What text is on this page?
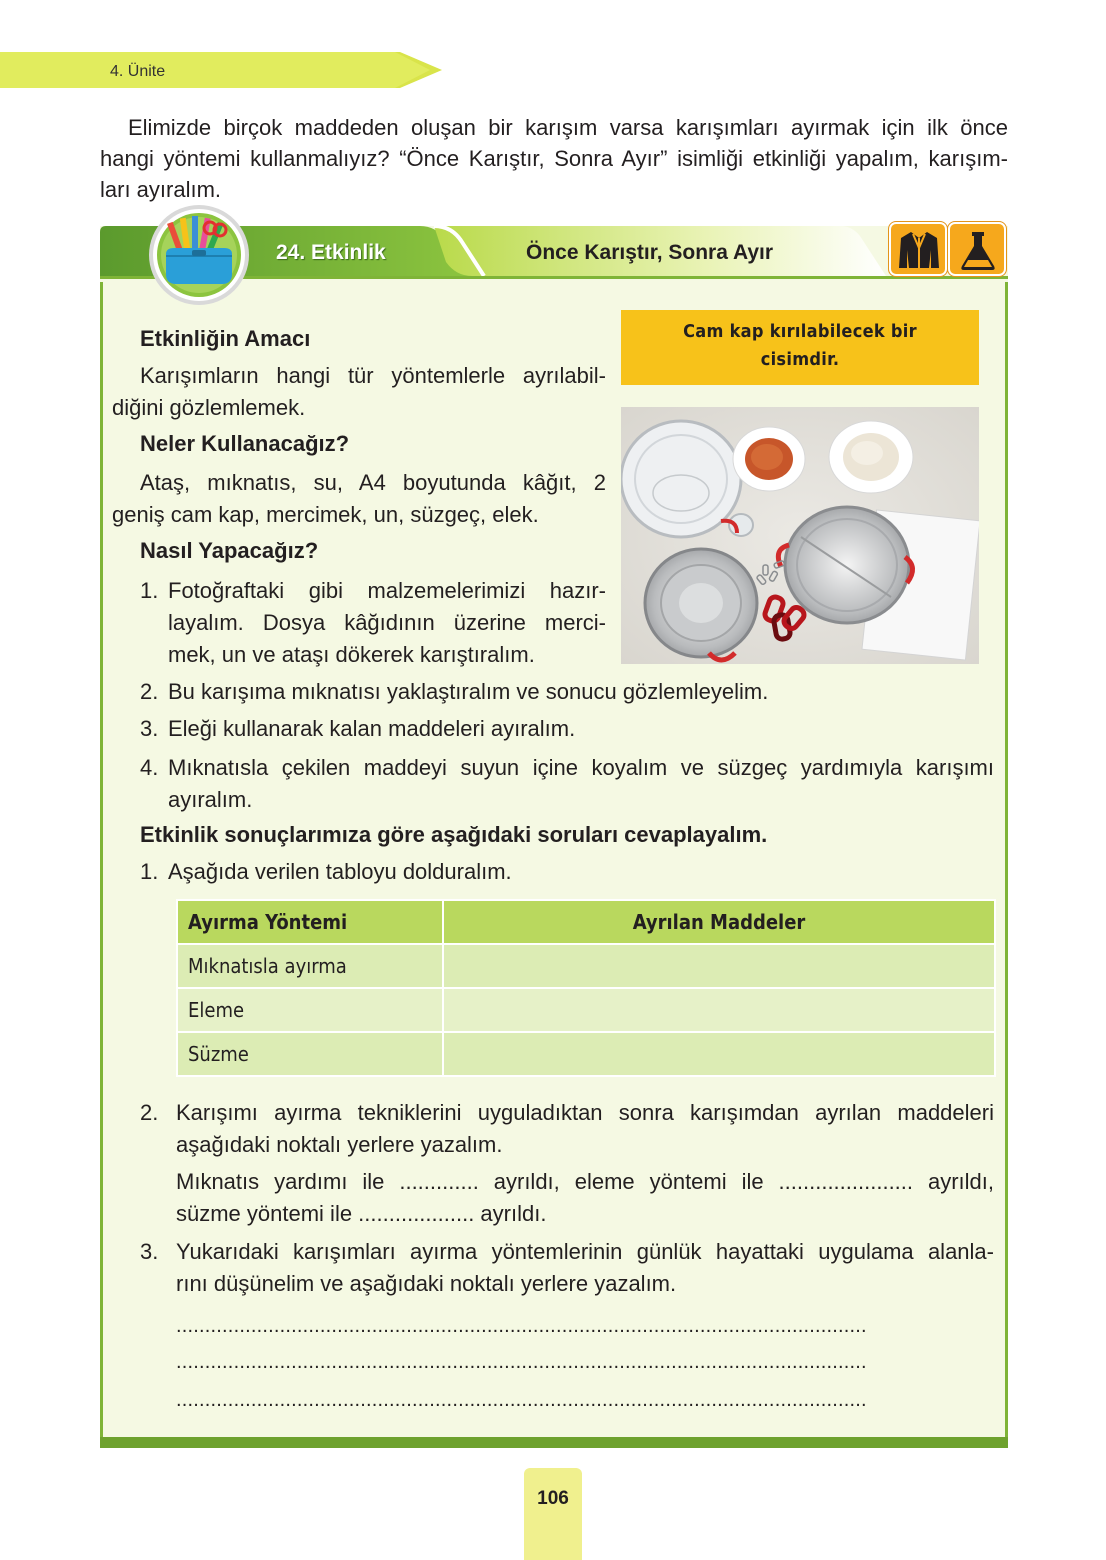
4. Ünite
Elimizde birçok maddeden oluşan bir karışım varsa karışımları ayırmak için ilk önce
hangi yöntemi kullanmalıyız? “Önce Karıştır, Sonra Ayır” isimliği etkinliği yapalım, karışım-
ları ayıralım.
24. Etkinlik	Önce Karıştır, Sonra Ayır
Cam kap kırılabilecek bir
cisimdir.
Etkinliğin Amacı
Karışımların hangi tür yöntemlerle ayrılabil-
diğini gözlemlemek.
Neler Kullanacağız?
Ataş, mıknatıs, su, A4 boyutunda kâğıt, 2
geniş cam kap, mercimek, un, süzgeç, elek.
Nasıl Yapacağız?
1. Fotoğraftaki gibi malzemelerimizi hazır-
layalım. Dosya kâğıdının üzerine merci-
mek, un ve ataşı dökerek karıştıralım.
2. Bu karışıma mıknatısı yaklaştıralım ve sonucu gözlemleyelim.
3. Eleği kullanarak kalan maddeleri ayıralım.
4. Mıknatısla çekilen maddeyi suyun içine koyalım ve süzgeç yardımıyla karışımı
ayıralım.
Etkinlik sonuçlarımıza göre aşağıdaki soruları cevaplayalım.
1. Aşağıda verilen tabloyu dolduralım.
Ayırma Yöntemi	Ayrılan Maddeler
Mıknatısla ayırma	
Eleme	
Süzme	
2. Karışımı ayırma tekniklerini uyguladıktan sonra karışımdan ayrılan maddeleri
aşağıdaki noktalı yerlere yazalım.
Mıknatıs yardımı ile ............. ayrıldı, eleme yöntemi ile ...................... ayrıldı,
süzme yöntemi ile ................... ayrıldı.
3. Yukarıdaki karışımları ayırma yöntemlerinin günlük hayattaki uygulama alanla-
rını düşünelim ve aşağıdaki noktalı yerlere yazalım.
........................................................................................................................
........................................................................................................................
........................................................................................................................
106
